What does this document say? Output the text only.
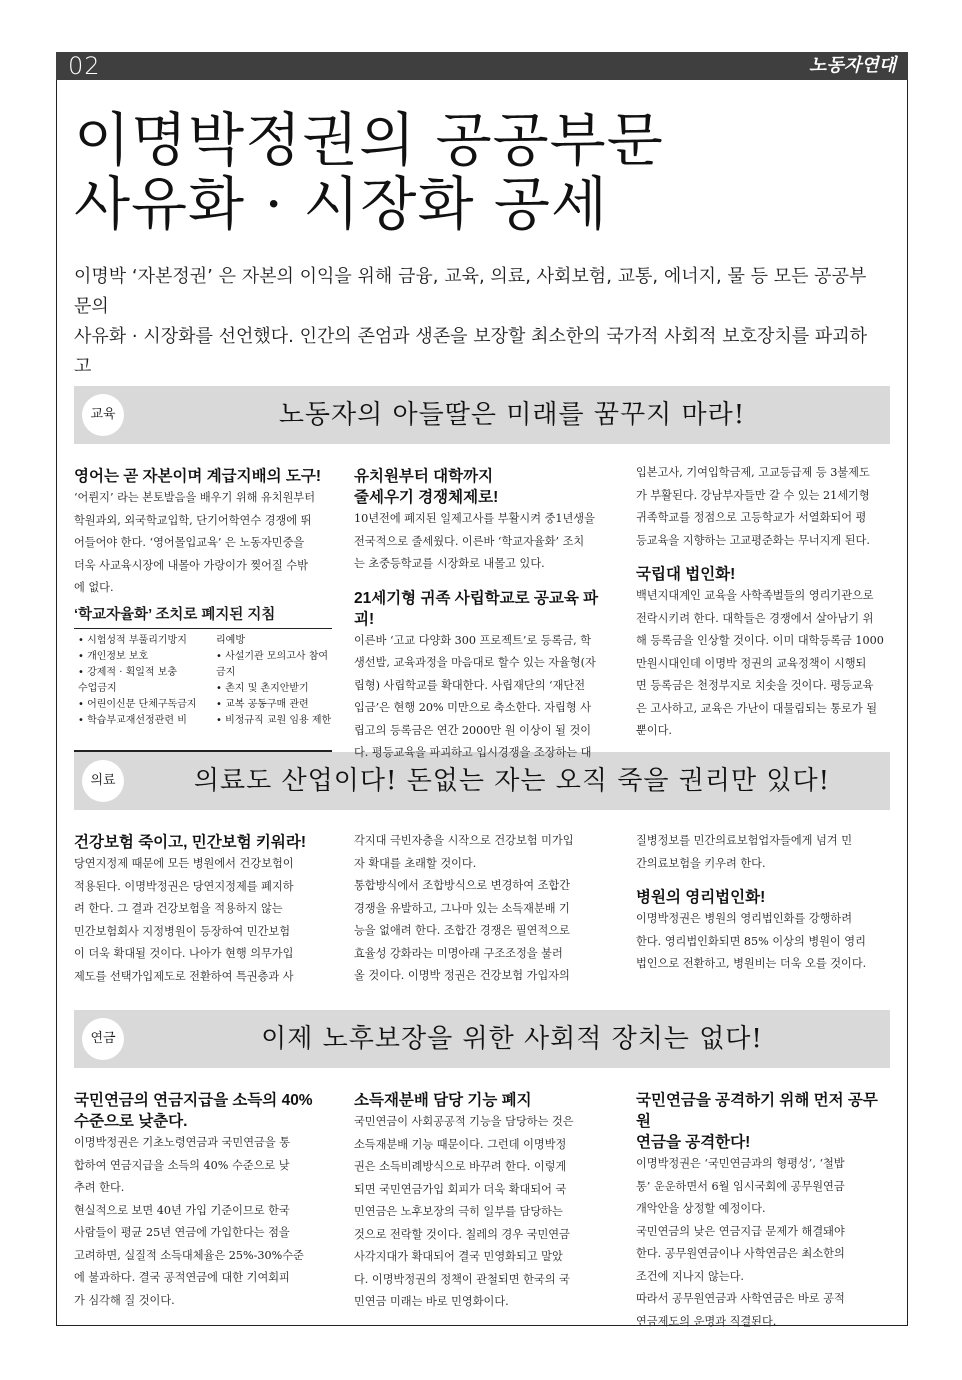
02	노동자연대
이명박정권의 공공부문
사유화 · 시장화 공세
이명박 ‘자본정권’ 은 자본의 이익을 위해 금융, 교육, 의료, 사회보험, 교통, 에너지, 물 등 모든 공공부문의
사유화 · 시장화를 선언했다. 인간의 존엄과 생존을 보장할 최소한의 국가적 사회적 보호장치를 파괴하고
교육	노동자의 아들딸은 미래를 꿈꾸지 마라!
의료	의료도 산업이다! 돈없는 자는 오직 죽을 권리만 있다!
연금	이제 노후보장을 위한 사회적 장치는 없다!
영어는 곧 자본이며 계급지배의 도구!
‘어륀지’ 라는 본토발음을 배우기 위해 유치원부터
학원과외, 외국학교입학, 단기어학연수 경쟁에 뛰
어들어야 한다. ‘영어몰입교육’ 은 노동자민중을
더욱 사교육시장에 내몰아 가랑이가 찢어질 수밖
에 없다.
유치원부터 대학까지
줄세우기 경쟁체제로!
10년전에 폐지된 일제고사를 부활시켜 중1년생을
전국적으로 줄세웠다. 이른바 ‘학교자율화’ 조치
는 초중등학교를 시장화로 내몰고 있다.
21세기형 귀족 사립학교로 공교육 파괴!
이른바 ‘고교 다양화 300 프로젝트’로 등록금, 학
생선발, 교육과정을 마음대로 할수 있는 자율형(자
립형) 사립학교를 확대한다. 사립재단의 ‘재단전
입금’은 현행 20% 미만으로 축소한다. 자립형 사
립고의 등록금은 연간 2000만 원 이상이 될 것이
다. 평등교육을 파괴하고 입시경쟁을 조장하는 대
입본고사, 기여입학금제, 고교등급제 등 3불제도
가 부활된다. 강남부자들만 갈 수 있는 21세기형
귀족학교를 정점으로 고등학교가 서열화되어 평
등교육을 지향하는 고교평준화는 무너지게 된다.
국립대 법인화!
백년지대계인 교육을 사학족벌들의 영리기관으로
전락시키려 한다. 대학들은 경쟁에서 살아남기 위
해 등록금을 인상할 것이다. 이미 대학등록금 1000
만원시대인데 이명박 정권의 교육정책이 시행되
면 등록금은 천정부지로 치솟을 것이다. 평등교육
은 고사하고, 교육은 가난이 대물림되는 통로가 될
뿐이다.
건강보험 죽이고, 민간보험 키워라!
당연지정제 때문에 모든 병원에서 건강보험이
적용된다. 이명박정권은 당연지정제를 폐지하
려 한다. 그 결과 건강보험을 적용하지 않는
민간보험회사 지정병원이 등장하여 민간보험
이 더욱 확대될 것이다. 나아가 현행 의무가입
제도를 선택가입제도로 전환하여 특권층과 사
각지대 극빈자층을 시작으로 건강보험 미가입
자 확대를 초래할 것이다.
통합방식에서 조합방식으로 변경하여 조합간
경쟁을 유발하고, 그나마 있는 소득재분배 기
능을 없애려 한다. 조합간 경쟁은 필연적으로
효율성 강화라는 미명아래 구조조정을 불러
올 것이다. 이명박 정권은 건강보험 가입자의
질병정보를 민간의료보험업자들에게 넘겨 민
간의료보험을 키우려 한다.
병원의 영리법인화!
이명박정권은 병원의 영리법인화를 강행하려
한다. 영리법인화되면 85% 이상의 병원이 영리
법인으로 전환하고, 병원비는 더욱 오를 것이다.
국민연금의 연금지급을 소득의 40%
수준으로 낮춘다.
이명박정권은 기초노령연금과 국민연금을 통
합하여 연금지급을 소득의 40% 수준으로 낮
추려 한다.
현실적으로 보면 40년 가입 기준이므로 한국
사람들이 평균 25년 연금에 가입한다는 점을
고려하면, 실질적 소득대체율은 25%-30%수준
에 불과하다. 결국 공적연금에 대한 기여회피
가 심각해 질 것이다.
소득재분배 담당 기능 폐지
국민연금이 사회공공적 기능을 담당하는 것은
소득재분배 기능 때문이다. 그런데 이명박정
권은 소득비례방식으로 바꾸려 한다. 이렇게
되면 국민연금가입 회피가 더욱 확대되어 국
민연금은 노후보장의 극히 일부를 담당하는
것으로 전락할 것이다. 칠레의 경우 국민연금
사각지대가 확대되어 결국 민영화되고 말았
다. 이명박정권의 정책이 관철되면 한국의 국
민연금 미래는 바로 민영화이다.
국민연금을 공격하기 위해 먼저 공무원
연금을 공격한다!
이명박정권은 ‘국민연금과의 형평성’, ‘철밥
통’ 운운하면서 6월 임시국회에 공무원연금
개악안을 상정할 예정이다.
국민연금의 낮은 연금지급 문제가 해결돼야
한다. 공무원연금이나 사학연금은 최소한의
조건에 지나지 않는다.
따라서 공무원연금과 사학연금은 바로 공적
연금제도의 운명과 직결된다.
‘학교자율화’ 조치로 폐지된 지침
• 시험성적 부풀리기방지
• 개인정보 보호
• 강제적 · 획일적 보충
수업금지
• 어린이신문 단체구독금지
• 학습부교재선정관련 비
리예방
• 사설기관 모의고사 참여
금지
• 촌지 및 촌지안받기
• 교복 공동구매 관련
• 비정규직 교원 임용 제한
